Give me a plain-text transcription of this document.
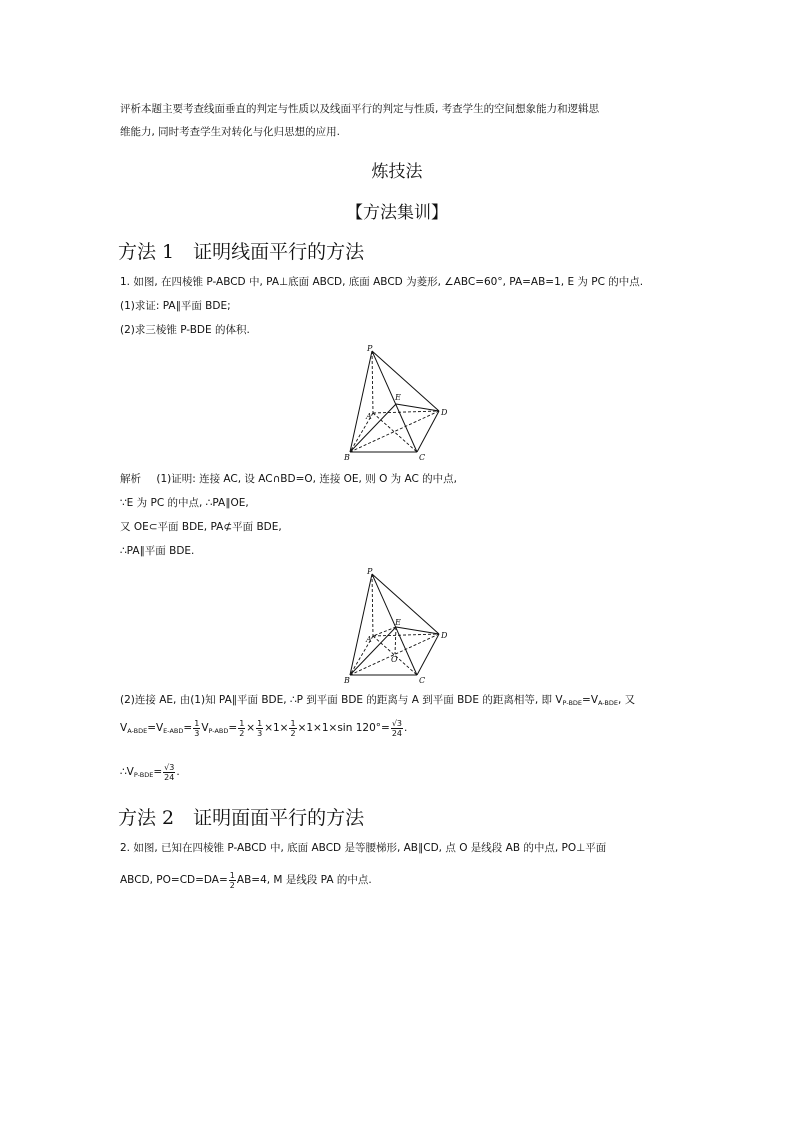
评析本题主要考查线面垂直的判定与性质以及线面平行的判定与性质, 考查学生的空间想象能力和逻辑思
维能力, 同时考查学生对转化与化归思想的应用.
炼技法
【方法集训】
方法 1　证明线面平行的方法
1. 如图, 在四棱锥 P-ABCD 中, PA⊥底面 ABCD, 底面 ABCD 为菱形, ∠ABC=60°, PA=AB=1, E 为 PC 的中点.
(1)求证: PA∥平面 BDE;
(2)求三棱锥 P-BDE 的体积.
P
A
B	C
D
E
解析 (1)证明: 连接 AC, 设 AC∩BD=O, 连接 OE, 则 O 为 AC 的中点,
∵E 为 PC 的中点, ∴PA∥OE,
又 OE⊂平面 BDE, PA⊄平面 BDE,
∴PA∥平面 BDE.
P
A
B	C
D
E
O
(2)连接 AE, 由(1)知 PA∥平面 BDE, ∴P 到平面 BDE 的距离与 A 到平面 BDE 的距离相等, 即 $V_{P-BDE}=V_{A-BDE}$, 又
$V_{A-BDE}=V_{E-ABD}= \frac{1}{3} V_{P-ABD}= \frac{1}{2} \times \frac{1}{3} \times 1\times \frac{1}{2} \times 1\times 1\times\sin$ $120^\circ= \frac{√3}{24}$ .
$\therefore V_{P-BDE}= \frac{√3}{24}$ .
方法 2　证明面面平行的方法
2. 如图, 已知在四棱锥 P-ABCD 中, 底面 ABCD 是等腰梯形, AB∥CD, 点 O 是线段 AB 的中点, PO⊥平面
ABCD, $PO=CD=DA= \frac{1}{2} AB=4$, M 是线段 PA 的中点.
